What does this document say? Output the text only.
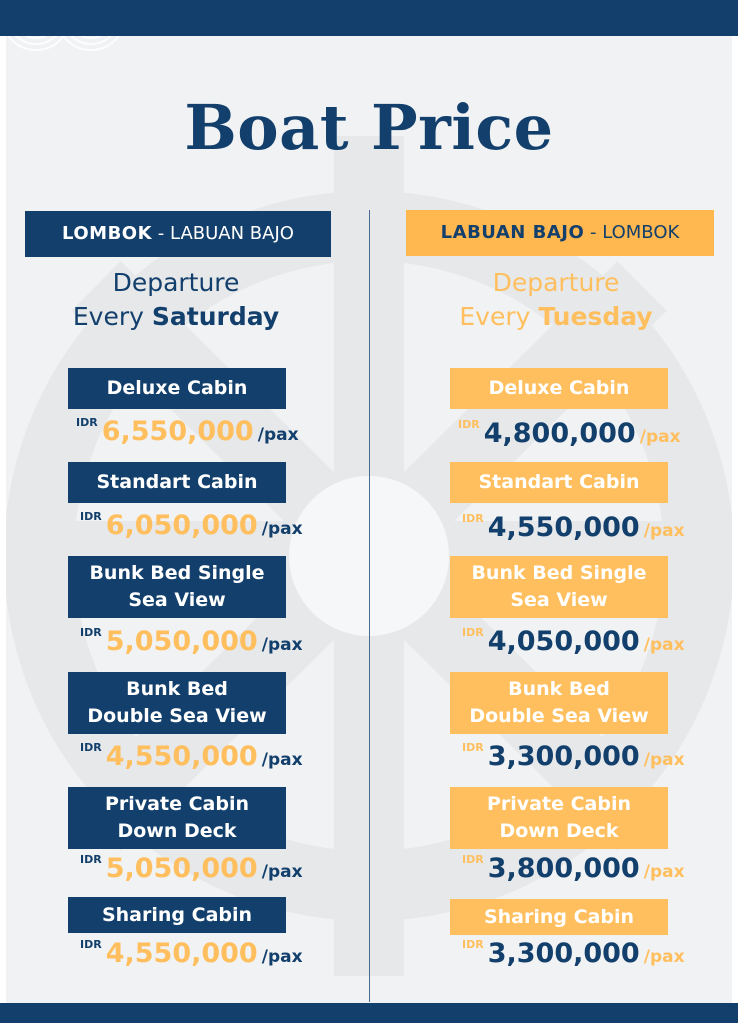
Boat Price
LOMBOK - LABUAN BAJO
Departure
Every Saturday
Deluxe Cabin
$^{IDR}$ 6,550,000 /pax
Standart Cabin
$^{IDR}$ 6,050,000 /pax
Bunk Bed Single
Sea View
$^{IDR}$ 5,050,000 /pax
Bunk Bed
Double Sea View
$^{IDR}$ 4,550,000 /pax
Private Cabin
Down Deck
$^{IDR}$ 5,050,000 /pax
Sharing Cabin
$^{IDR}$ 4,550,000 /pax
LABUAN BAJO - LOMBOK
Departure
Every Tuesday
Deluxe Cabin
$^{IDR}$ 4,800,000 /pax
Standart Cabin
$^{IDR}$ 4,550,000 /pax
Bunk Bed Single
Sea View
$^{IDR}$ 4,050,000 /pax
Bunk Bed
Double Sea View
$^{IDR}$ 3,300,000 /pax
Private Cabin
Down Deck
$^{IDR}$ 3,800,000 /pax
Sharing Cabin
$^{IDR}$ 3,300,000 /pax
